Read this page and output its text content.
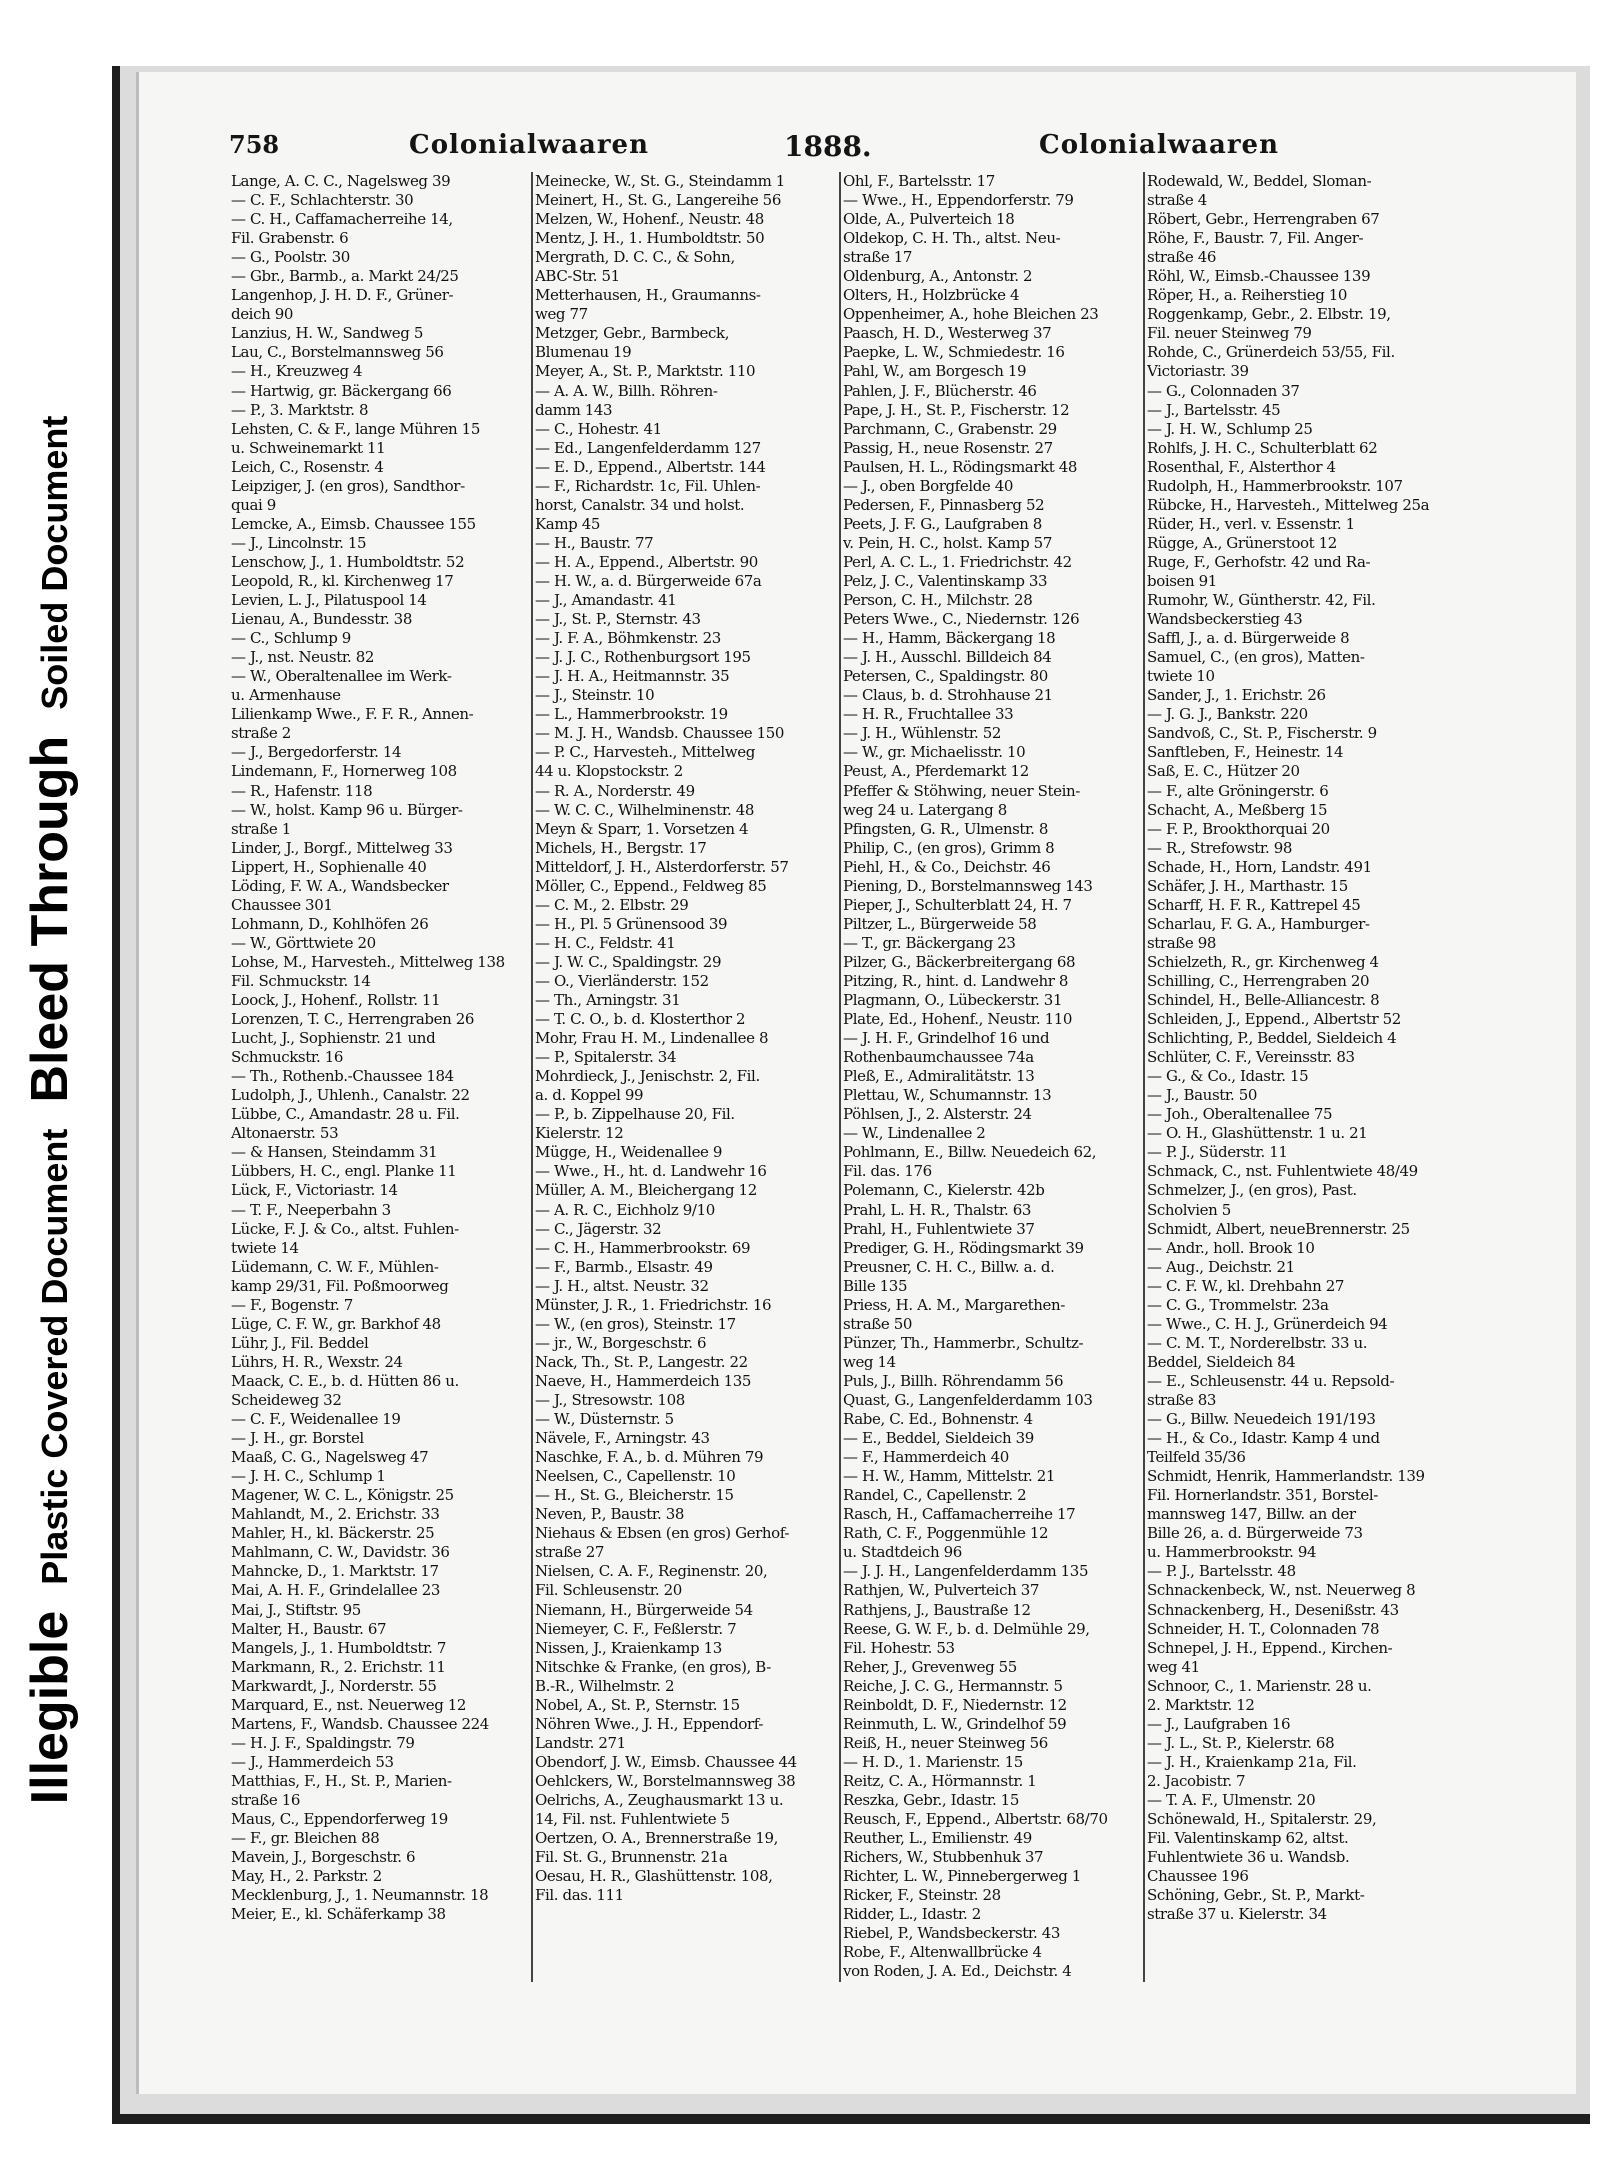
Illegible
Plastic Covered Document
Bleed Through
Soiled Document
758	Colonialwaaren	1888.	Colonialwaaren
Lange, A. C. C., Nagelsweg 39
— C. F., Schlachterstr. 30
— C. H., Caffamacherreihe 14,
Fil. Grabenstr. 6
— G., Poolstr. 30
— Gbr., Barmb., a. Markt 24/25
Langenhop, J. H. D. F., Grüner-
deich 90
Lanzius, H. W., Sandweg 5
Lau, C., Borstelmannsweg 56
— H., Kreuzweg 4
— Hartwig, gr. Bäckergang 66
— P., 3. Marktstr. 8
Lehsten, C. & F., lange Mühren 15
u. Schweinemarkt 11
Leich, C., Rosenstr. 4
Leipziger, J. (en gros), Sandthor-
quai 9
Lemcke, A., Eimsb. Chaussee 155
— J., Lincolnstr. 15
Lenschow, J., 1. Humboldtstr. 52
Leopold, R., kl. Kirchenweg 17
Levien, L. J., Pilatuspool 14
Lienau, A., Bundesstr. 38
— C., Schlump 9
— J., nst. Neustr. 82
— W., Oberaltenallee im Werk-
u. Armenhause
Lilienkamp Wwe., F. F. R., Annen-
straße 2
— J., Bergedorferstr. 14
Lindemann, F., Hornerweg 108
— R., Hafenstr. 118
— W., holst. Kamp 96 u. Bürger-
straße 1
Linder, J., Borgf., Mittelweg 33
Lippert, H., Sophienalle 40
Löding, F. W. A., Wandsbecker
Chaussee 301
Lohmann, D., Kohlhöfen 26
— W., Görttwiete 20
Lohse, M., Harvesteh., Mittelweg 138
Fil. Schmuckstr. 14
Loock, J., Hohenf., Rollstr. 11
Lorenzen, T. C., Herrengraben 26
Lucht, J., Sophienstr. 21 und
Schmuckstr. 16
— Th., Rothenb.-Chaussee 184
Ludolph, J., Uhlenh., Canalstr. 22
Lübbe, C., Amandastr. 28 u. Fil.
Altonaerstr. 53
— & Hansen, Steindamm 31
Lübbers, H. C., engl. Planke 11
Lück, F., Victoriastr. 14
— T. F., Neeperbahn 3
Lücke, F. J. & Co., altst. Fuhlen-
twiete 14
Lüdemann, C. W. F., Mühlen-
kamp 29/31, Fil. Poßmoorweg
— F., Bogenstr. 7
Lüge, C. F. W., gr. Barkhof 48
Lühr, J., Fil. Beddel
Lührs, H. R., Wexstr. 24
Maack, C. E., b. d. Hütten 86 u.
Scheideweg 32
— C. F., Weidenallee 19
— J. H., gr. Borstel
Maaß, C. G., Nagelsweg 47
— J. H. C., Schlump 1
Magener, W. C. L., Königstr. 25
Mahlandt, M., 2. Erichstr. 33
Mahler, H., kl. Bäckerstr. 25
Mahlmann, C. W., Davidstr. 36
Mahncke, D., 1. Marktstr. 17
Mai, A. H. F., Grindelallee 23
Mai, J., Stiftstr. 95
Malter, H., Baustr. 67
Mangels, J., 1. Humboldtstr. 7
Markmann, R., 2. Erichstr. 11
Markwardt, J., Norderstr. 55
Marquard, E., nst. Neuerweg 12
Martens, F., Wandsb. Chaussee 224
— H. J. F., Spaldingstr. 79
— J., Hammerdeich 53
Matthias, F., H., St. P., Marien-
straße 16
Maus, C., Eppendorferweg 19
— F., gr. Bleichen 88
Mavein, J., Borgeschstr. 6
May, H., 2. Parkstr. 2
Mecklenburg, J., 1. Neumannstr. 18
Meier, E., kl. Schäferkamp 38
Meinecke, W., St. G., Steindamm 1
Meinert, H., St. G., Langereihe 56
Melzen, W., Hohenf., Neustr. 48
Mentz, J. H., 1. Humboldtstr. 50
Mergrath, D. C. C., & Sohn,
ABC-Str. 51
Metterhausen, H., Graumanns-
weg 77
Metzger, Gebr., Barmbeck,
Blumenau 19
Meyer, A., St. P., Marktstr. 110
— A. A. W., Billh. Röhren-
damm 143
— C., Hohestr. 41
— Ed., Langenfelderdamm 127
— E. D., Eppend., Albertstr. 144
— F., Richardstr. 1c, Fil. Uhlen-
horst, Canalstr. 34 und holst.
Kamp 45
— H., Baustr. 77
— H. A., Eppend., Albertstr. 90
— H. W., a. d. Bürgerweide 67a
— J., Amandastr. 41
— J., St. P., Sternstr. 43
— J. F. A., Böhmkenstr. 23
— J. J. C., Rothenburgsort 195
— J. H. A., Heitmannstr. 35
— J., Steinstr. 10
— L., Hammerbrookstr. 19
— M. J. H., Wandsb. Chaussee 150
— P. C., Harvesteh., Mittelweg
44 u. Klopstockstr. 2
— R. A., Norderstr. 49
— W. C. C., Wilhelminenstr. 48
Meyn & Sparr, 1. Vorsetzen 4
Michels, H., Bergstr. 17
Mitteldorf, J. H., Alsterdorferstr. 57
Möller, C., Eppend., Feldweg 85
— C. M., 2. Elbstr. 29
— H., Pl. 5 Grünensood 39
— H. C., Feldstr. 41
— J. W. C., Spaldingstr. 29
— O., Vierländerstr. 152
— Th., Arningstr. 31
— T. C. O., b. d. Klosterthor 2
Mohr, Frau H. M., Lindenallee 8
— P., Spitalerstr. 34
Mohrdieck, J., Jenischstr. 2, Fil.
a. d. Koppel 99
— P., b. Zippelhause 20, Fil.
Kielerstr. 12
Mügge, H., Weidenallee 9
— Wwe., H., ht. d. Landwehr 16
Müller, A. M., Bleichergang 12
— A. R. C., Eichholz 9/10
— C., Jägerstr. 32
— C. H., Hammerbrookstr. 69
— F., Barmb., Elsastr. 49
— J. H., altst. Neustr. 32
Münster, J. R., 1. Friedrichstr. 16
— W., (en gros), Steinstr. 17
— jr., W., Borgeschstr. 6
Nack, Th., St. P., Langestr. 22
Naeve, H., Hammerdeich 135
— J., Stresowstr. 108
— W., Düsternstr. 5
Nävele, F., Arningstr. 43
Naschke, F. A., b. d. Mühren 79
Neelsen, C., Capellenstr. 10
— H., St. G., Bleicherstr. 15
Neven, P., Baustr. 38
Niehaus & Ebsen (en gros) Gerhof-
straße 27
Nielsen, C. A. F., Reginenstr. 20,
Fil. Schleusenstr. 20
Niemann, H., Bürgerweide 54
Niemeyer, C. F., Feßlerstr. 7
Nissen, J., Kraienkamp 13
Nitschke & Franke, (en gros), B-
B.-R., Wilhelmstr. 2
Nobel, A., St. P., Sternstr. 15
Nöhren Wwe., J. H., Eppendorf-
Landstr. 271
Obendorf, J. W., Eimsb. Chaussee 44
Oehlckers, W., Borstelmannsweg 38
Oelrichs, A., Zeughausmarkt 13 u.
14, Fil. nst. Fuhlentwiete 5
Oertzen, O. A., Brennerstraße 19,
Fil. St. G., Brunnenstr. 21a
Oesau, H. R., Glashüttenstr. 108,
Fil. das. 111
Ohl, F., Bartelsstr. 17
— Wwe., H., Eppendorferstr. 79
Olde, A., Pulverteich 18
Oldekop, C. H. Th., altst. Neu-
straße 17
Oldenburg, A., Antonstr. 2
Olters, H., Holzbrücke 4
Oppenheimer, A., hohe Bleichen 23
Paasch, H. D., Westerweg 37
Paepke, L. W., Schmiedestr. 16
Pahl, W., am Borgesch 19
Pahlen, J. F., Blücherstr. 46
Pape, J. H., St. P., Fischerstr. 12
Parchmann, C., Grabenstr. 29
Passig, H., neue Rosenstr. 27
Paulsen, H. L., Rödingsmarkt 48
— J., oben Borgfelde 40
Pedersen, F., Pinnasberg 52
Peets, J. F. G., Laufgraben 8
v. Pein, H. C., holst. Kamp 57
Perl, A. C. L., 1. Friedrichstr. 42
Pelz, J. C., Valentinskamp 33
Person, C. H., Milchstr. 28
Peters Wwe., C., Niedernstr. 126
— H., Hamm, Bäckergang 18
— J. H., Ausschl. Billdeich 84
Petersen, C., Spaldingstr. 80
— Claus, b. d. Strohhause 21
— H. R., Fruchtallee 33
— J. H., Wühlenstr. 52
— W., gr. Michaelisstr. 10
Peust, A., Pferdemarkt 12
Pfeffer & Stöhwing, neuer Stein-
weg 24 u. Latergang 8
Pfingsten, G. R., Ulmenstr. 8
Philip, C., (en gros), Grimm 8
Piehl, H., & Co., Deichstr. 46
Piening, D., Borstelmannsweg 143
Pieper, J., Schulterblatt 24, H. 7
Piltzer, L., Bürgerweide 58
— T., gr. Bäckergang 23
Pilzer, G., Bäckerbreitergang 68
Pitzing, R., hint. d. Landwehr 8
Plagmann, O., Lübeckerstr. 31
Plate, Ed., Hohenf., Neustr. 110
— J. H. F., Grindelhof 16 und
Rothenbaumchaussee 74a
Pleß, E., Admiralitätstr. 13
Plettau, W., Schumannstr. 13
Pöhlsen, J., 2. Alsterstr. 24
— W., Lindenallee 2
Pohlmann, E., Billw. Neuedeich 62,
Fil. das. 176
Polemann, C., Kielerstr. 42b
Prahl, L. H. R., Thalstr. 63
Prahl, H., Fuhlentwiete 37
Prediger, G. H., Rödingsmarkt 39
Preusner, C. H. C., Billw. a. d.
Bille 135
Priess, H. A. M., Margarethen-
straße 50
Pünzer, Th., Hammerbr., Schultz-
weg 14
Puls, J., Billh. Röhrendamm 56
Quast, G., Langenfelderdamm 103
Rabe, C. Ed., Bohnenstr. 4
— E., Beddel, Sieldeich 39
— F., Hammerdeich 40
— H. W., Hamm, Mittelstr. 21
Randel, C., Capellenstr. 2
Rasch, H., Caffamacherreihe 17
Rath, C. F., Poggenmühle 12
u. Stadtdeich 96
— J. J. H., Langenfelderdamm 135
Rathjen, W., Pulverteich 37
Rathjens, J., Baustraße 12
Reese, G. W. F., b. d. Delmühle 29,
Fil. Hohestr. 53
Reher, J., Grevenweg 55
Reiche, J. C. G., Hermannstr. 5
Reinboldt, D. F., Niedernstr. 12
Reinmuth, L. W., Grindelhof 59
Reiß, H., neuer Steinweg 56
— H. D., 1. Marienstr. 15
Reitz, C. A., Hörmannstr. 1
Reszka, Gebr., Idastr. 15
Reusch, F., Eppend., Albertstr. 68/70
Reuther, L., Emilienstr. 49
Richers, W., Stubbenhuk 37
Richter, L. W., Pinnebergerweg 1
Ricker, F., Steinstr. 28
Ridder, L., Idastr. 2
Riebel, P., Wandsbeckerstr. 43
Robe, F., Altenwallbrücke 4
von Roden, J. A. Ed., Deichstr. 4
Rodewald, W., Beddel, Sloman-
straße 4
Röbert, Gebr., Herrengraben 67
Röhe, F., Baustr. 7, Fil. Anger-
straße 46
Röhl, W., Eimsb.-Chaussee 139
Röper, H., a. Reiherstieg 10
Roggenkamp, Gebr., 2. Elbstr. 19,
Fil. neuer Steinweg 79
Rohde, C., Grünerdeich 53/55, Fil.
Victoriastr. 39
— G., Colonnaden 37
— J., Bartelsstr. 45
— J. H. W., Schlump 25
Rohlfs, J. H. C., Schulterblatt 62
Rosenthal, F., Alsterthor 4
Rudolph, H., Hammerbrookstr. 107
Rübcke, H., Harvesteh., Mittelweg 25a
Rüder, H., verl. v. Essenstr. 1
Rügge, A., Grünerstoot 12
Ruge, F., Gerhofstr. 42 und Ra-
boisen 91
Rumohr, W., Güntherstr. 42, Fil.
Wandsbeckerstieg 43
Saffl, J., a. d. Bürgerweide 8
Samuel, C., (en gros), Matten-
twiete 10
Sander, J., 1. Erichstr. 26
— J. G. J., Bankstr. 220
Sandvoß, C., St. P., Fischerstr. 9
Sanftleben, F., Heinestr. 14
Saß, E. C., Hützer 20
— F., alte Gröningerstr. 6
Schacht, A., Meßberg 15
— F. P., Brookthorquai 20
— R., Strefowstr. 98
Schade, H., Horn, Landstr. 491
Schäfer, J. H., Marthastr. 15
Scharff, H. F. R., Kattrepel 45
Scharlau, F. G. A., Hamburger-
straße 98
Schielzeth, R., gr. Kirchenweg 4
Schilling, C., Herrengraben 20
Schindel, H., Belle-Alliancestr. 8
Schleiden, J., Eppend., Albertstr 52
Schlichting, P., Beddel, Sieldeich 4
Schlüter, C. F., Vereinsstr. 83
— G., & Co., Idastr. 15
— J., Baustr. 50
— Joh., Oberaltenallee 75
— O. H., Glashüttenstr. 1 u. 21
— P. J., Süderstr. 11
Schmack, C., nst. Fuhlentwiete 48/49
Schmelzer, J., (en gros), Past.
Scholvien 5
Schmidt, Albert, neueBrennerstr. 25
— Andr., holl. Brook 10
— Aug., Deichstr. 21
— C. F. W., kl. Drehbahn 27
— C. G., Trommelstr. 23a
— Wwe., C. H. J., Grünerdeich 94
— C. M. T., Norderelbstr. 33 u.
Beddel, Sieldeich 84
— E., Schleusenstr. 44 u. Repsold-
straße 83
— G., Billw. Neuedeich 191/193
— H., & Co., Idastr. Kamp 4 und
Teilfeld 35/36
Schmidt, Henrik, Hammerlandstr. 139
Fil. Hornerlandstr. 351, Borstel-
mannsweg 147, Billw. an der
Bille 26, a. d. Bürgerweide 73
u. Hammerbrookstr. 94
— P. J., Bartelsstr. 48
Schnackenbeck, W., nst. Neuerweg 8
Schnackenberg, H., Desenißstr. 43
Schneider, H. T., Colonnaden 78
Schnepel, J. H., Eppend., Kirchen-
weg 41
Schnoor, C., 1. Marienstr. 28 u.
2. Marktstr. 12
— J., Laufgraben 16
— J. L., St. P., Kielerstr. 68
— J. H., Kraienkamp 21a, Fil.
2. Jacobistr. 7
— T. A. F., Ulmenstr. 20
Schönewald, H., Spitalerstr. 29,
Fil. Valentinskamp 62, altst.
Fuhlentwiete 36 u. Wandsb.
Chaussee 196
Schöning, Gebr., St. P., Markt-
straße 37 u. Kielerstr. 34
